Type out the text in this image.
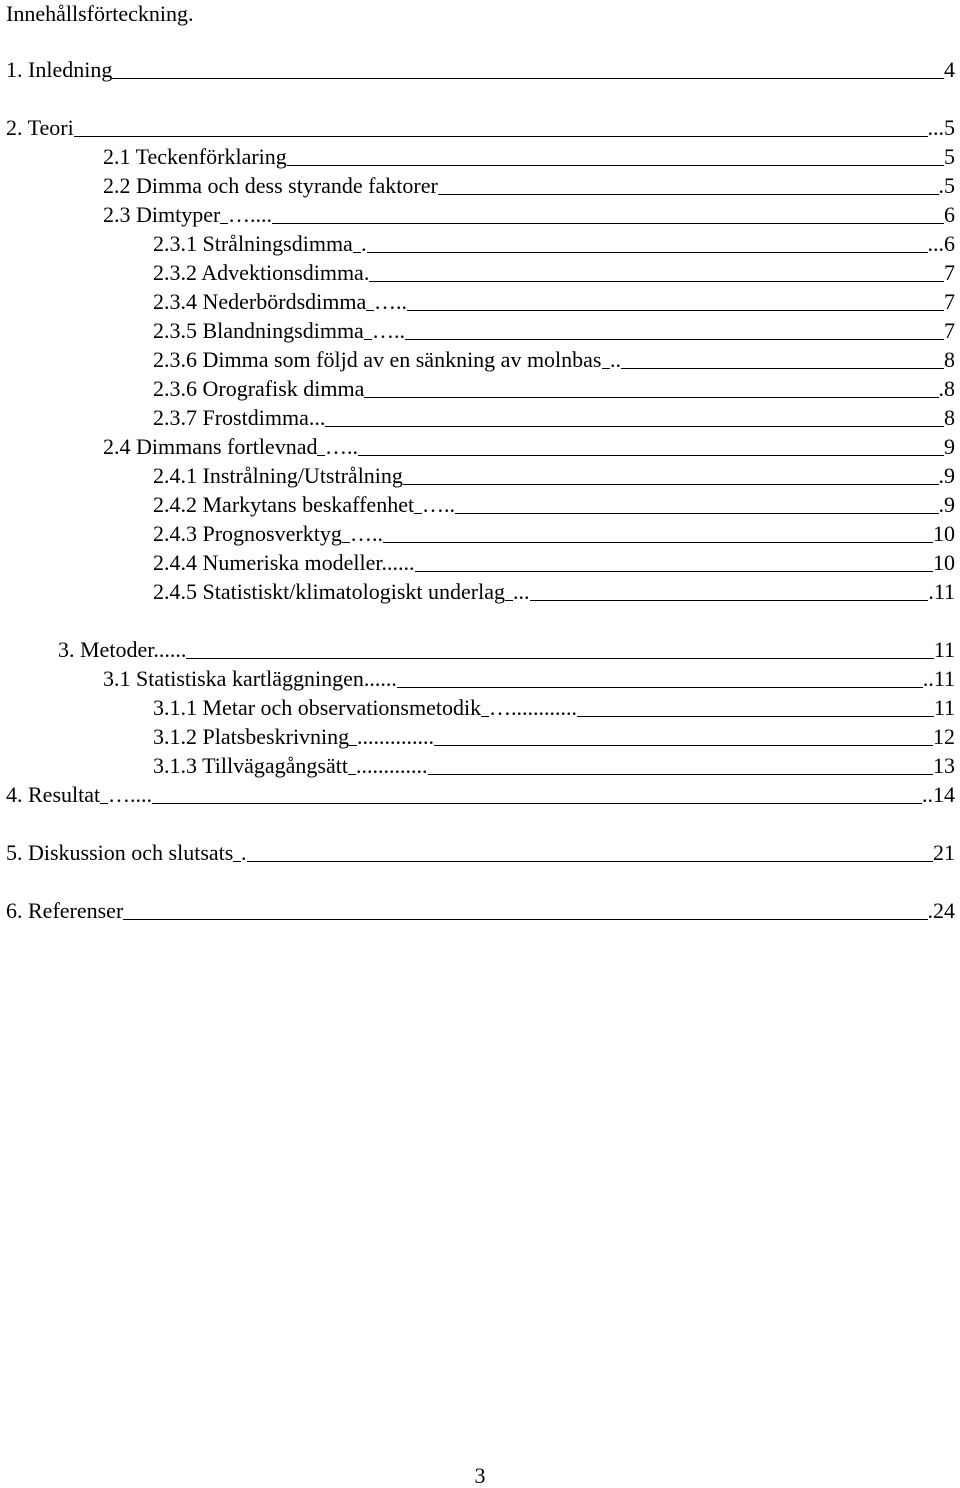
Innehållsförteckning.
1. Inledning	4
2. Teori	...5
2.1 Teckenförklaring	5
2.2 Dimma och dess styrande faktorer	.5
2.3 Dimtyper …....	6
2.3.1 Strålningsdimma .	...6
2.3.2 Advektionsdimma.	7
2.3.4 Nederbördsdimma …..	7
2.3.5 Blandningsdimma …..	7
2.3.6 Dimma som följd av en sänkning av molnbas ..	8
2.3.6 Orografisk dimma	.8
2.3.7 Frostdimma...	8
2.4 Dimmans fortlevnad …..	9
2.4.1 Instrålning/Utstrålning	.9
2.4.2 Markytans beskaffenhet …..	.9
2.4.3 Prognosverktyg …..	10
2.4.4 Numeriska modeller......	10
2.4.5 Statistiskt/klimatologiskt underlag ...	.11
3. Metoder......	11
3.1 Statistiska kartläggningen......	..11
3.1.1 Metar och observationsmetodik …............	11
3.1.2 Platsbeskrivning ..............	12
3.1.3 Tillvägagångsätt .............	13
4. Resultat …....	..14
5. Diskussion och slutsats .	21
6. Referenser	.24
3
